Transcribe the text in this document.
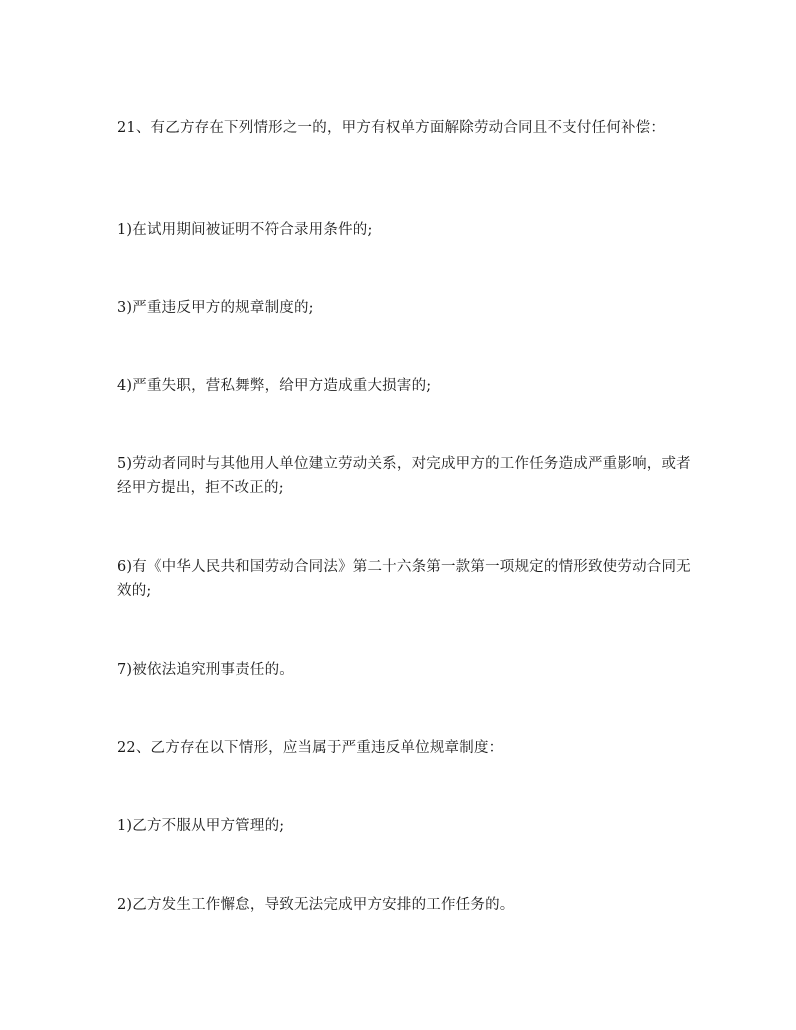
21、有乙方存在下列情形之一的，甲方有权单方面解除劳动合同且不支付任何补偿：

1)在试用期间被证明不符合录用条件的;

3)严重违反甲方的规章制度的;

4)严重失职，营私舞弊，给甲方造成重大损害的;

5)劳动者同时与其他用人单位建立劳动关系，对完成甲方的工作任务造成严重影响，或者经甲方提出，拒不改正的;

6)有《中华人民共和国劳动合同法》第二十六条第一款第一项规定的情形致使劳动合同无效的;

7)被依法追究刑事责任的。

22、乙方存在以下情形，应当属于严重违反单位规章制度：

1)乙方不服从甲方管理的;

2)乙方发生工作懈怠，导致无法完成甲方安排的工作任务的。
